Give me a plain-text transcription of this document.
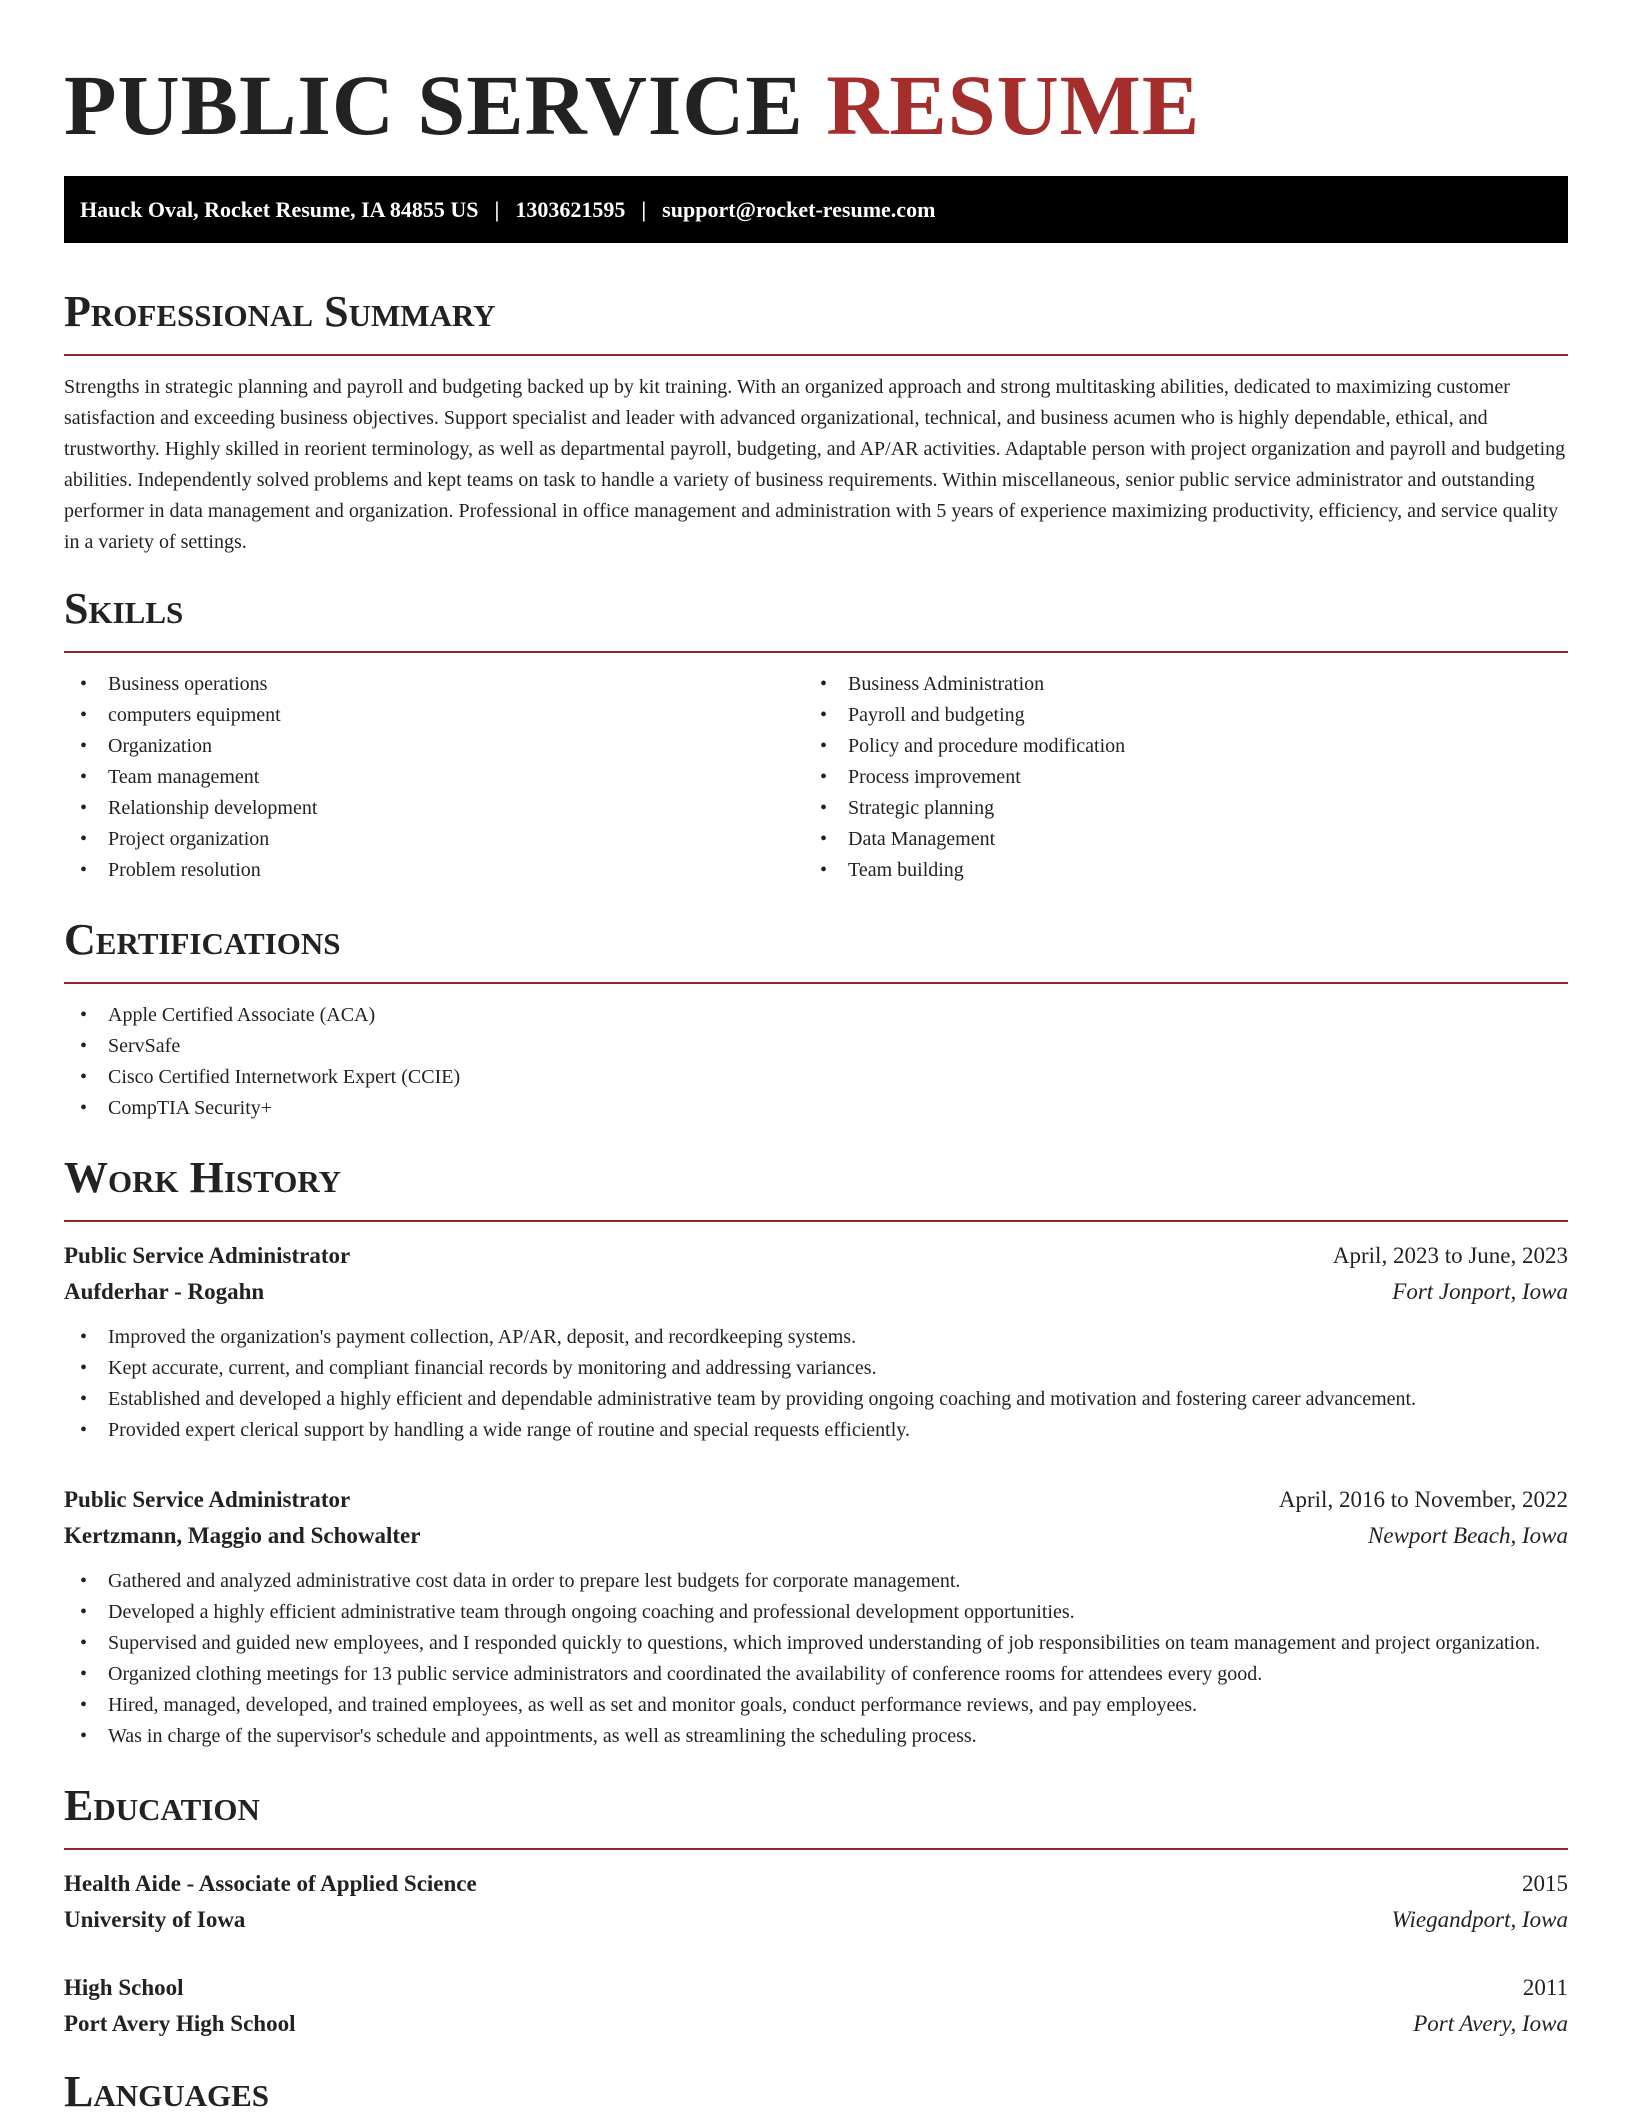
PUBLIC SERVICE RESUME
Hauck Oval, Rocket Resume, IA 84855 US | 1303621595 | support@rocket-resume.com
Professional Summary

Strengths in strategic planning and payroll and budgeting backed up by kit training. With an organized approach and strong multitasking abilities, dedicated to maximizing customer satisfaction and exceeding business objectives. Support specialist and leader with advanced organizational, technical, and business acumen who is highly dependable, ethical, and trustworthy. Highly skilled in reorient terminology, as well as departmental payroll, budgeting, and AP/AR activities. Adaptable person with project organization and payroll and budgeting abilities. Independently solved problems and kept teams on task to handle a variety of business requirements. Within miscellaneous, senior public service administrator and outstanding performer in data management and organization. Professional in office management and administration with 5 years of experience maximizing productivity, efficiency, and service quality in a variety of settings.

Skills
• Business operations
• computers equipment
• Organization
• Team management
• Relationship development
• Project organization
• Problem resolution
• Business Administration
• Payroll and budgeting
• Policy and procedure modification
• Process improvement
• Strategic planning
• Data Management
• Team building
Certifications
• Apple Certified Associate (ACA)
• ServSafe
• Cisco Certified Internetwork Expert (CCIE)
• CompTIA Security+
Work History
Public Service Administrator	April, 2023 to June, 2023
Aufderhar - Rogahn	Fort Jonport, Iowa
• Improved the organization's payment collection, AP/AR, deposit, and recordkeeping systems.
• Kept accurate, current, and compliant financial records by monitoring and addressing variances.
• Established and developed a highly efficient and dependable administrative team by providing ongoing coaching and motivation and fostering career advancement.
• Provided expert clerical support by handling a wide range of routine and special requests efficiently.
Public Service Administrator	April, 2016 to November, 2022
Kertzmann, Maggio and Schowalter	Newport Beach, Iowa
• Gathered and analyzed administrative cost data in order to prepare lest budgets for corporate management.
• Developed a highly efficient administrative team through ongoing coaching and professional development opportunities.
• Supervised and guided new employees, and I responded quickly to questions, which improved understanding of job responsibilities on team management and project organization.
• Organized clothing meetings for 13 public service administrators and coordinated the availability of conference rooms for attendees every good.
• Hired, managed, developed, and trained employees, as well as set and monitor goals, conduct performance reviews, and pay employees.
• Was in charge of the supervisor's schedule and appointments, as well as streamlining the scheduling process.
Education
Health Aide - Associate of Applied Science	2015
University of Iowa	Wiegandport, Iowa
High School	2011
Port Avery High School	Port Avery, Iowa
Languages
